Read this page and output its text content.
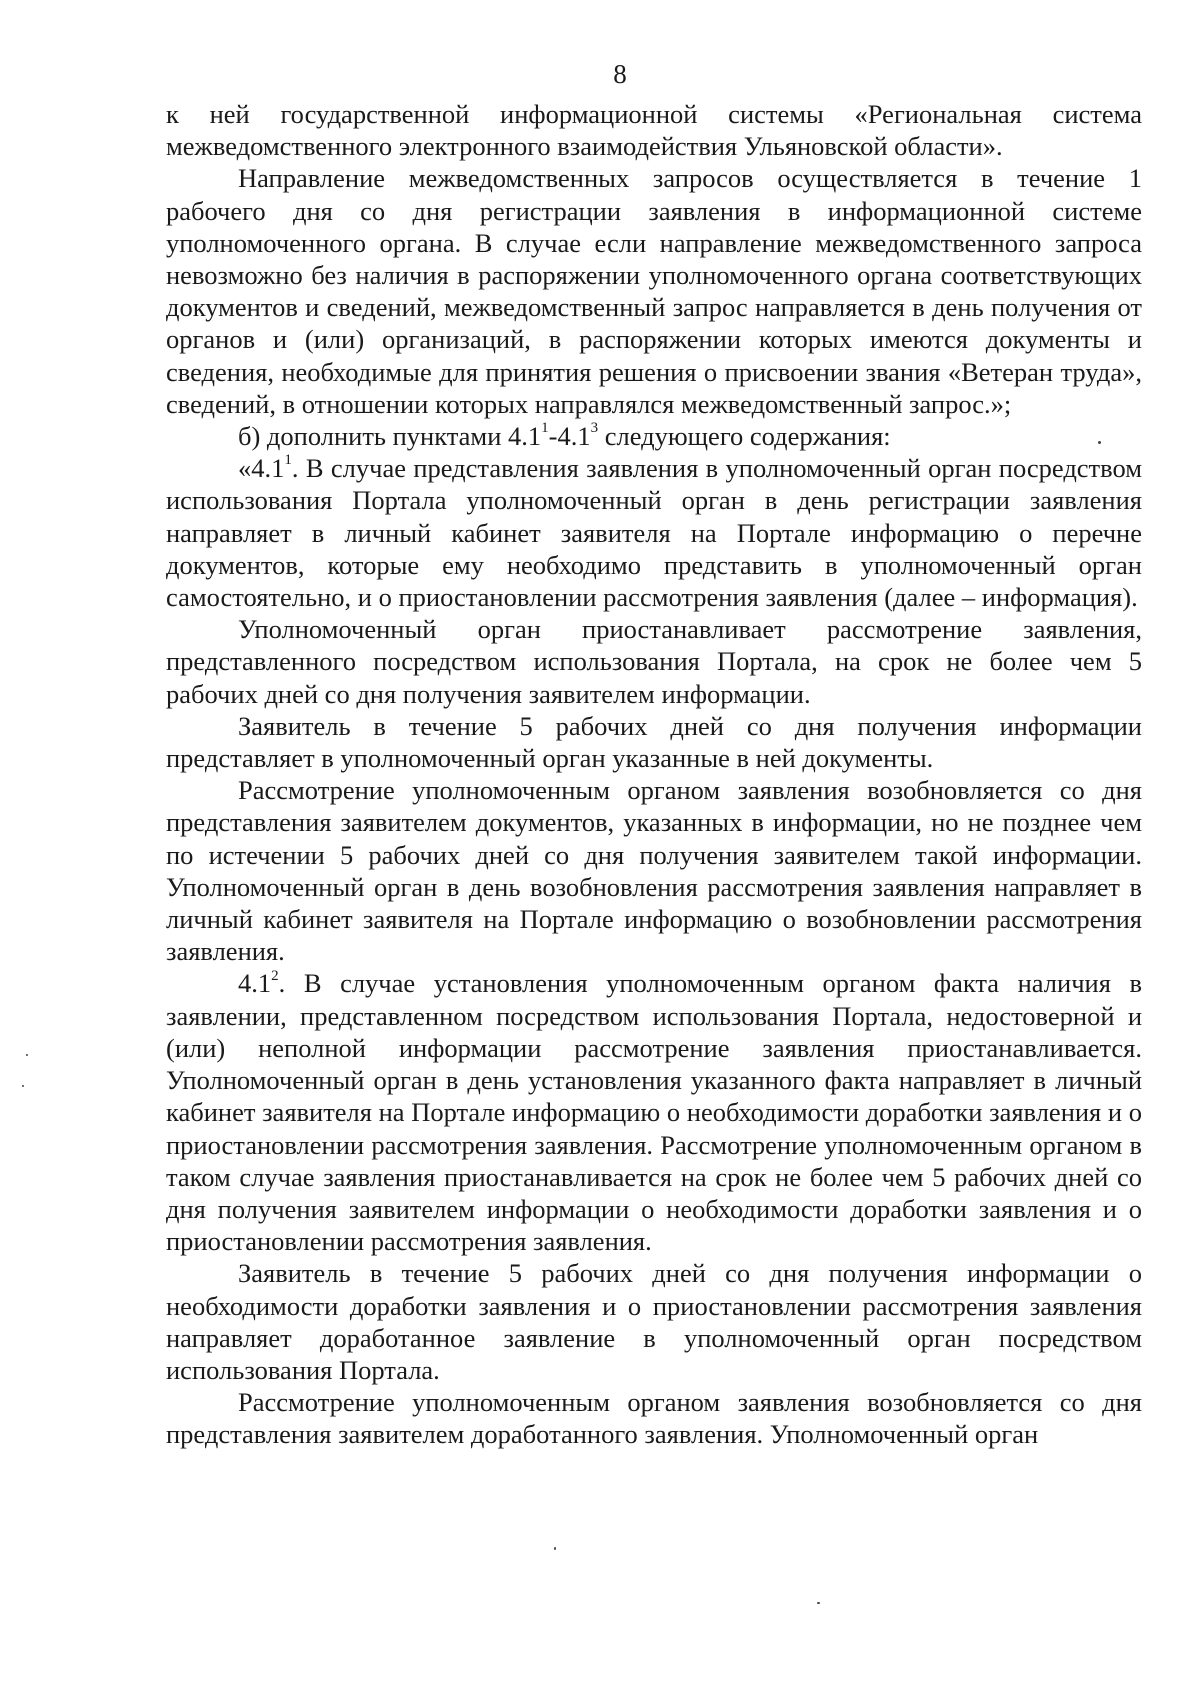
8

к ней государственной информационной системы «Региональная система межведомственного электронного взаимодействия Ульяновской области».

Направление межведомственных запросов осуществляется в течение 1 рабочего дня со дня регистрации заявления в информационной системе уполномоченного органа. В случае если направление межведомственного запроса невозможно без наличия в распоряжении уполномоченного органа соответствующих документов и сведений, межведомственный запрос направляется в день получения от органов и (или) организаций, в распоряжении которых имеются документы и сведения, необходимые для принятия решения о присвоении звания «Ветеран труда», сведений, в отношении которых направлялся межведомственный запрос.»;

б) дополнить пунктами $4.1^1-4.1^3$ следующего содержания:

«$4.1^1$. В случае представления заявления в уполномоченный орган посредством использования Портала уполномоченный орган в день регистрации заявления направляет в личный кабинет заявителя на Портале информацию о перечне документов, которые ему необходимо представить в уполномоченный орган самостоятельно, и о приостановлении рассмотрения заявления (далее – информация).

Уполномоченный орган приостанавливает рассмотрение заявления, представленного посредством использования Портала, на срок не более чем 5 рабочих дней со дня получения заявителем информации.

Заявитель в течение 5 рабочих дней со дня получения информации представляет в уполномоченный орган указанные в ней документы.

Рассмотрение уполномоченным органом заявления возобновляется со дня представления заявителем документов, указанных в информации, но не позднее чем по истечении 5 рабочих дней со дня получения заявителем такой информации. Уполномоченный орган в день возобновления рассмотрения заявления направляет в личный кабинет заявителя на Портале информацию о возобновлении рассмотрения заявления.

$4.1^2$. В случае установления уполномоченным органом факта наличия в заявлении, представленном посредством использования Портала, недостоверной и (или) неполной информации рассмотрение заявления приостанавливается. Уполномоченный орган в день установления указанного факта направляет в личный кабинет заявителя на Портале информацию о необходимости доработки заявления и о приостановлении рассмотрения заявления. Рассмотрение уполномоченным органом в таком случае заявления приостанавливается на срок не более чем 5 рабочих дней со дня получения заявителем информации о необходимости доработки заявления и о приостановлении рассмотрения заявления.

Заявитель в течение 5 рабочих дней со дня получения информации о необходимости доработки заявления и о приостановлении рассмотрения заявления направляет доработанное заявление в уполномоченный орган посредством использования Портала.

Рассмотрение уполномоченным органом заявления возобновляется со дня представления заявителем доработанного заявления. Уполномоченный орган
